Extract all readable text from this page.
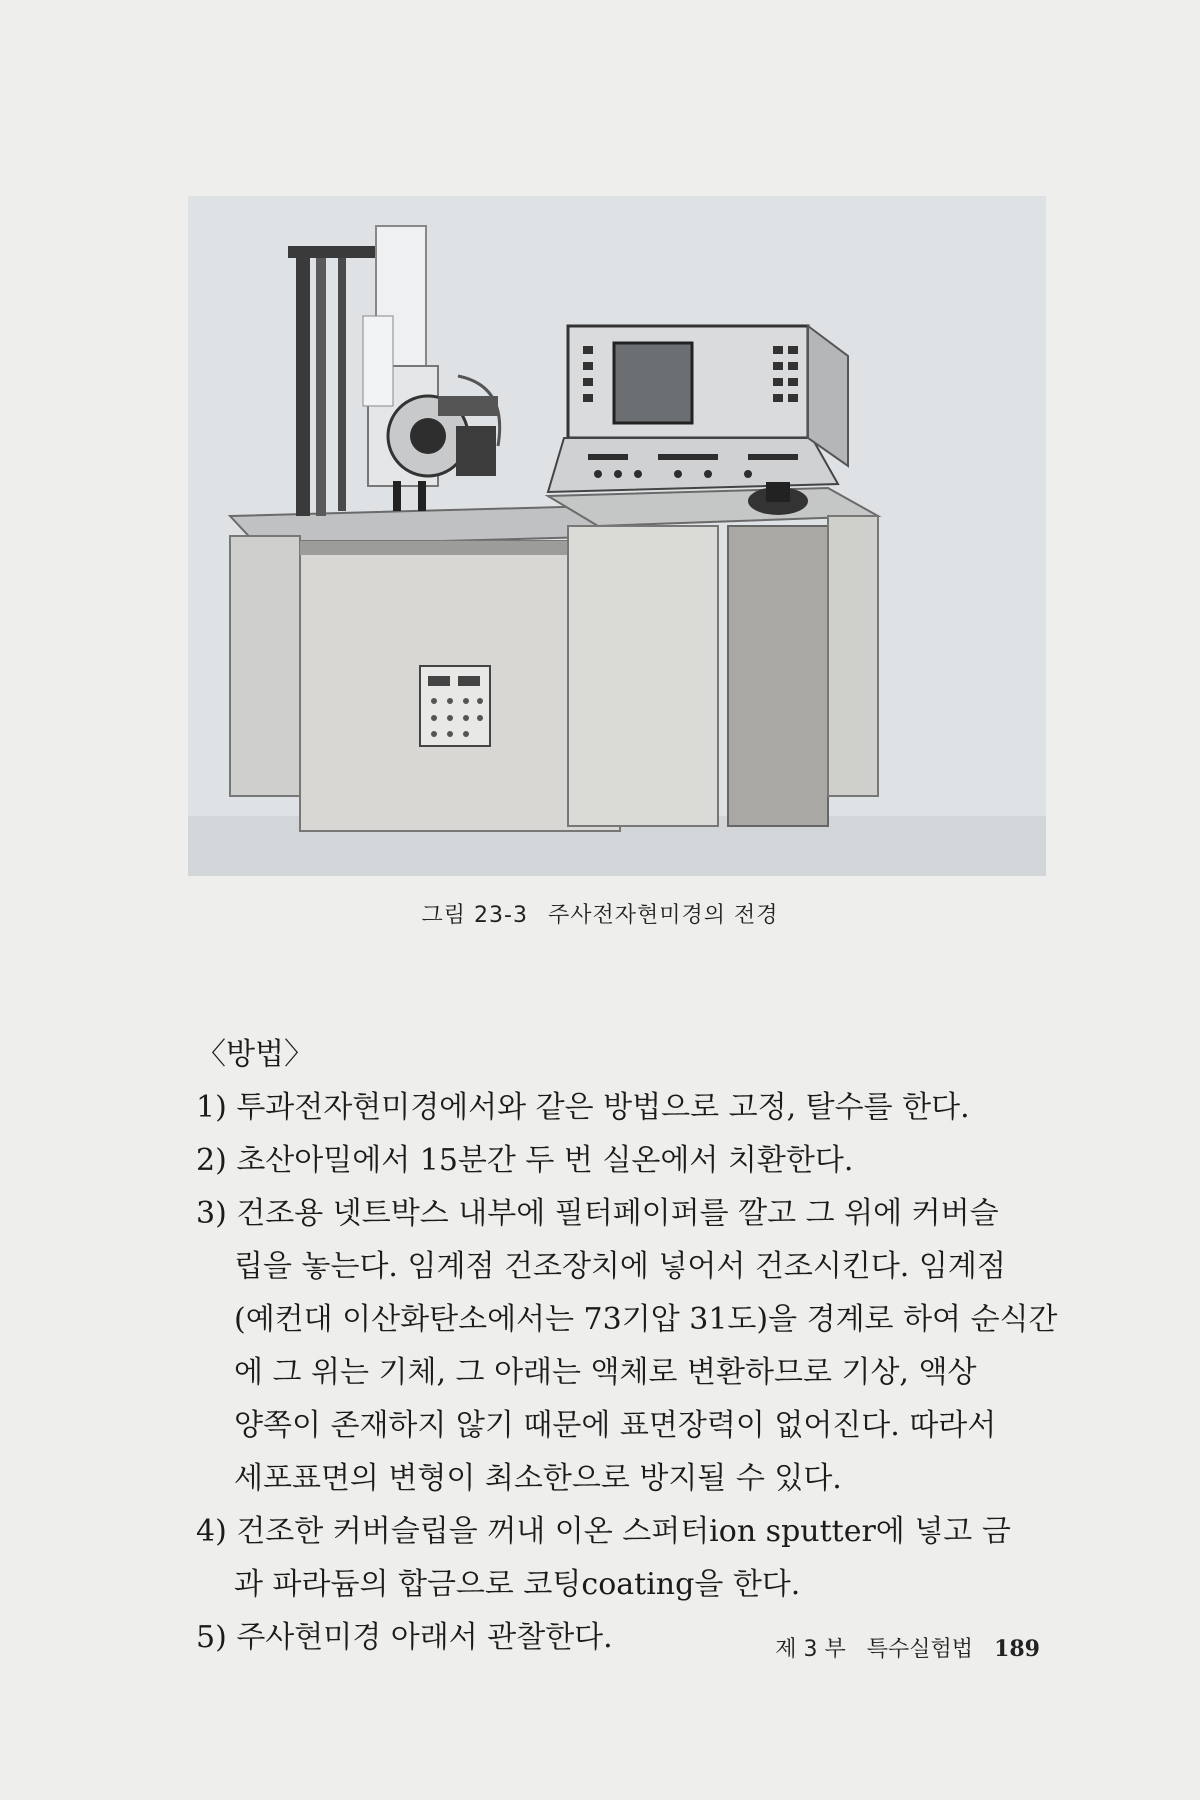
그림 23-3 주사전자현미경의 전경
〈방법〉
1) 투과전자현미경에서와 같은 방법으로 고정, 탈수를 한다.
2) 초산아밀에서 15분간 두 번 실온에서 치환한다.
3) 건조용 넷트박스 내부에 필터페이퍼를 깔고 그 위에 커버슬
립을 놓는다. 임계점 건조장치에 넣어서 건조시킨다. 임계점
(예컨대 이산화탄소에서는 73기압 31도)을 경계로 하여 순식간
에 그 위는 기체, 그 아래는 액체로 변환하므로 기상, 액상
양쪽이 존재하지 않기 때문에 표면장력이 없어진다. 따라서
세포표면의 변형이 최소한으로 방지될 수 있다.
4) 건조한 커버슬립을 꺼내 이온 스퍼터ion sputter에 넣고 금
과 파라듐의 합금으로 코팅coating을 한다.
5) 주사현미경 아래서 관찰한다.	제 3 부 특수실험법 189
